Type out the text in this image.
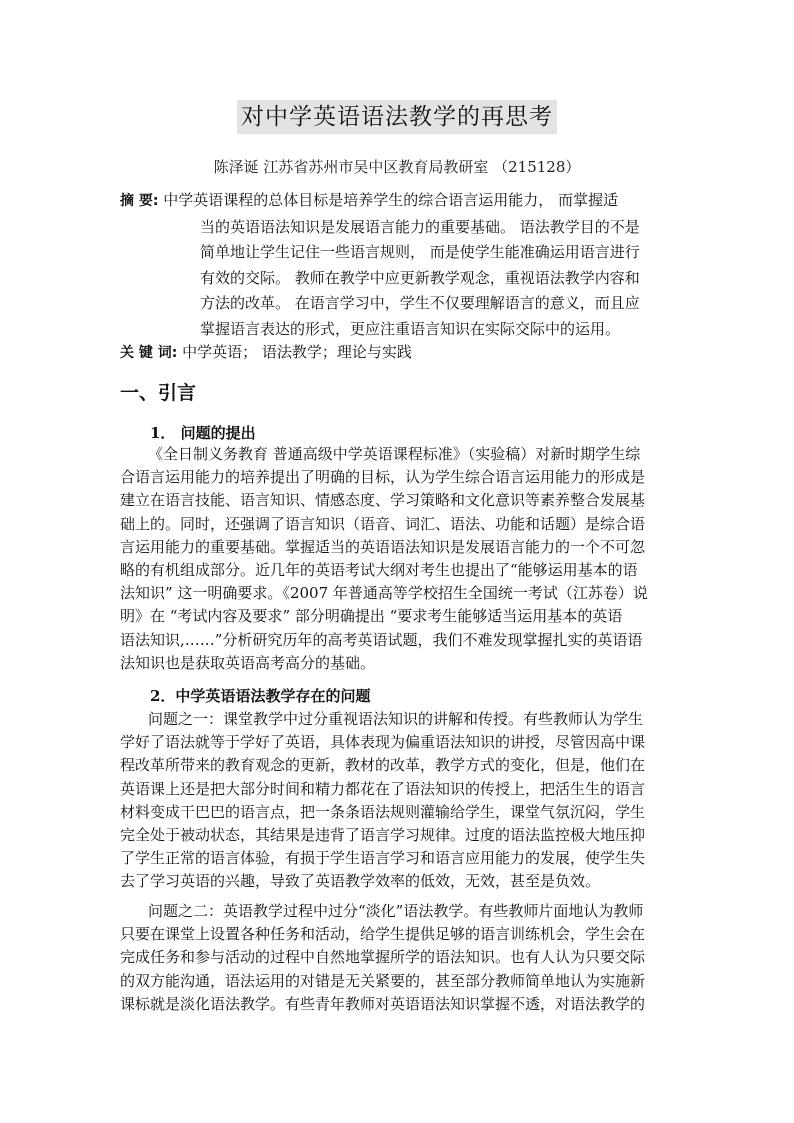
对中学英语语法教学的再思考
陈泽诞 江苏省苏州市吴中区教育局教研室 （215128）
摘 要: 中学英语课程的总体目标是培养学生的综合语言运用能力， 而掌握适
当的英语语法知识是发展语言能力的重要基础。 语法教学目的不是
简单地让学生记住一些语言规则， 而是使学生能准确运用语言进行
有效的交际。 教师在教学中应更新教学观念，重视语法教学内容和
方法的改革。 在语言学习中，学生不仅要理解语言的意义，而且应
掌握语言表达的形式，更应注重语言知识在实际交际中的运用。
关 键 词: 中学英语； 语法教学；理论与实践
一、引言
1． 问题的提出
《全日制义务教育 普通高级中学英语课程标准》（实验稿）对新时期学生综
合语言运用能力的培养提出了明确的目标，认为学生综合语言运用能力的形成是
建立在语言技能、语言知识、情感态度、学习策略和文化意识等素养整合发展基
础上的。同时，还强调了语言知识（语音、词汇、语法、功能和话题）是综合语
言运用能力的重要基础。掌握适当的英语语法知识是发展语言能力的一个不可忽
略的有机组成部分。近几年的英语考试大纲对考生也提出了“能够运用基本的语
法知识” 这一明确要求。《2007 年普通高等学校招生全国统一考试（江苏卷）说
明》在 “考试内容及要求” 部分明确提出 “要求考生能够适当运用基本的英语
语法知识,……”分析研究历年的高考英语试题，我们不难发现掌握扎实的英语语
法知识也是获取英语高考高分的基础。
2．中学英语语法教学存在的问题
问题之一：课堂教学中过分重视语法知识的讲解和传授。有些教师认为学生
学好了语法就等于学好了英语，具体表现为偏重语法知识的讲授，尽管因高中课
程改革所带来的教育观念的更新，教材的改革，教学方式的变化，但是，他们在
英语课上还是把大部分时间和精力都花在了语法知识的传授上，把活生生的语言
材料变成干巴巴的语言点，把一条条语法规则灌输给学生，课堂气氛沉闷，学生
完全处于被动状态，其结果是违背了语言学习规律。过度的语法监控极大地压抑
了学生正常的语言体验，有损于学生语言学习和语言应用能力的发展，使学生失
去了学习英语的兴趣，导致了英语教学效率的低效，无效，甚至是负效。
问题之二：英语教学过程中过分“淡化”语法教学。有些教师片面地认为教师
只要在课堂上设置各种任务和活动，给学生提供足够的语言训练机会，学生会在
完成任务和参与活动的过程中自然地掌握所学的语法知识。也有人认为只要交际
的双方能沟通，语法运用的对错是无关紧要的，甚至部分教师简单地认为实施新
课标就是淡化语法教学。有些青年教师对英语语法知识掌握不透，对语法教学的
